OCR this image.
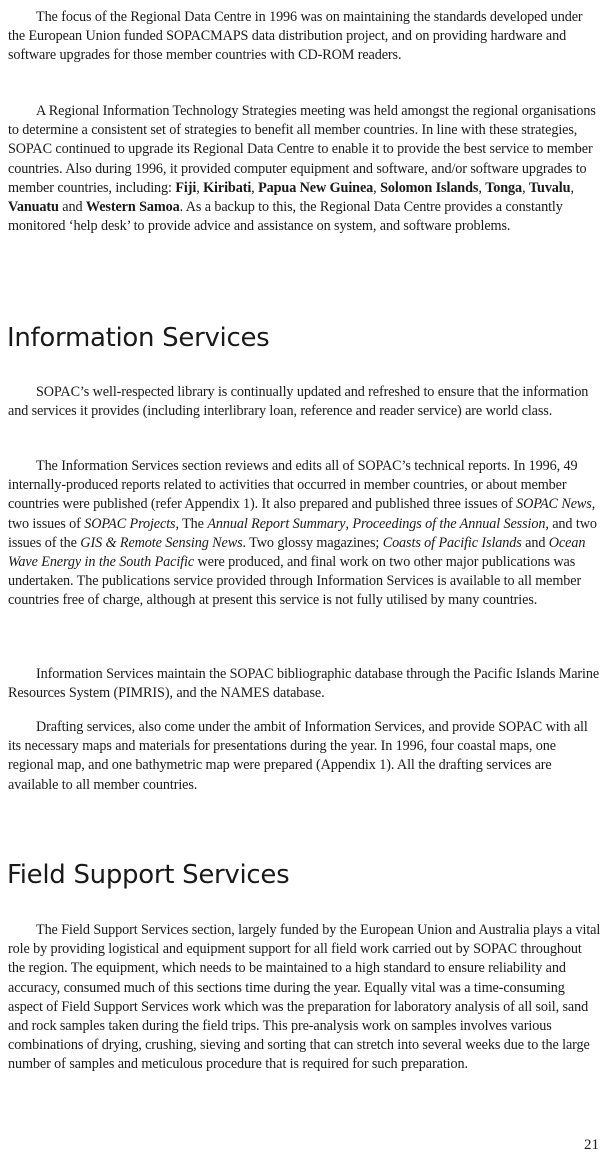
The focus of the Regional Data Centre in 1996 was on maintaining the standards developed under the European Union funded SOPACMAPS data distribution project, and on providing hardware and software upgrades for those member countries with CD-ROM readers.

A Regional Information Technology Strategies meeting was held amongst the regional organisations to determine a consistent set of strategies to benefit all member countries. In line with these strategies, SOPAC continued to upgrade its Regional Data Centre to enable it to provide the best service to member countries. Also during 1996, it provided computer equipment and software, and/or software upgrades to member countries, including: Fiji, Kiribati, Papua New Guinea, Solomon Islands, Tonga, Tuvalu, Vanuatu and Western Samoa. As a backup to this, the Regional Data Centre provides a constantly monitored ‘help desk’ to provide advice and assistance on system, and software problems.

Information Services

SOPAC’s well-respected library is continually updated and refreshed to ensure that the information and services it provides (including interlibrary loan, reference and reader service) are world class.

The Information Services section reviews and edits all of SOPAC’s technical reports. In 1996, 49 internally-produced reports related to activities that occurred in member countries, or about member countries were published (refer Appendix 1). It also prepared and published three issues of SOPAC News, two issues of SOPAC Projects, The Annual Report Summary, Proceedings of the Annual Session, and two issues of the GIS & Remote Sensing News. Two glossy magazines; Coasts of Pacific Islands and Ocean Wave Energy in the South Pacific were produced, and final work on two other major publications was undertaken. The publications service provided through Information Services is available to all member countries free of charge, although at present this service is not fully utilised by many countries.

Information Services maintain the SOPAC bibliographic database through the Pacific Islands Marine Resources System (PIMRIS), and the NAMES database.

Drafting services, also come under the ambit of Information Services, and provide SOPAC with all its necessary maps and materials for presentations during the year. In 1996, four coastal maps, one regional map, and one bathymetric map were prepared (Appendix 1). All the drafting services are available to all member countries.

Field Support Services

The Field Support Services section, largely funded by the European Union and Australia plays a vital role by providing logistical and equipment support for all field work carried out by SOPAC throughout the region. The equipment, which needs to be maintained to a high standard to ensure reliability and accuracy, consumed much of this sections time during the year. Equally vital was a time-consuming aspect of Field Support Services work which was the preparation for laboratory analysis of all soil, sand and rock samples taken during the field trips. This pre-analysis work on samples involves various combinations of drying, crushing, sieving and sorting that can stretch into several weeks due to the large number of samples and meticulous procedure that is required for such preparation.

21
